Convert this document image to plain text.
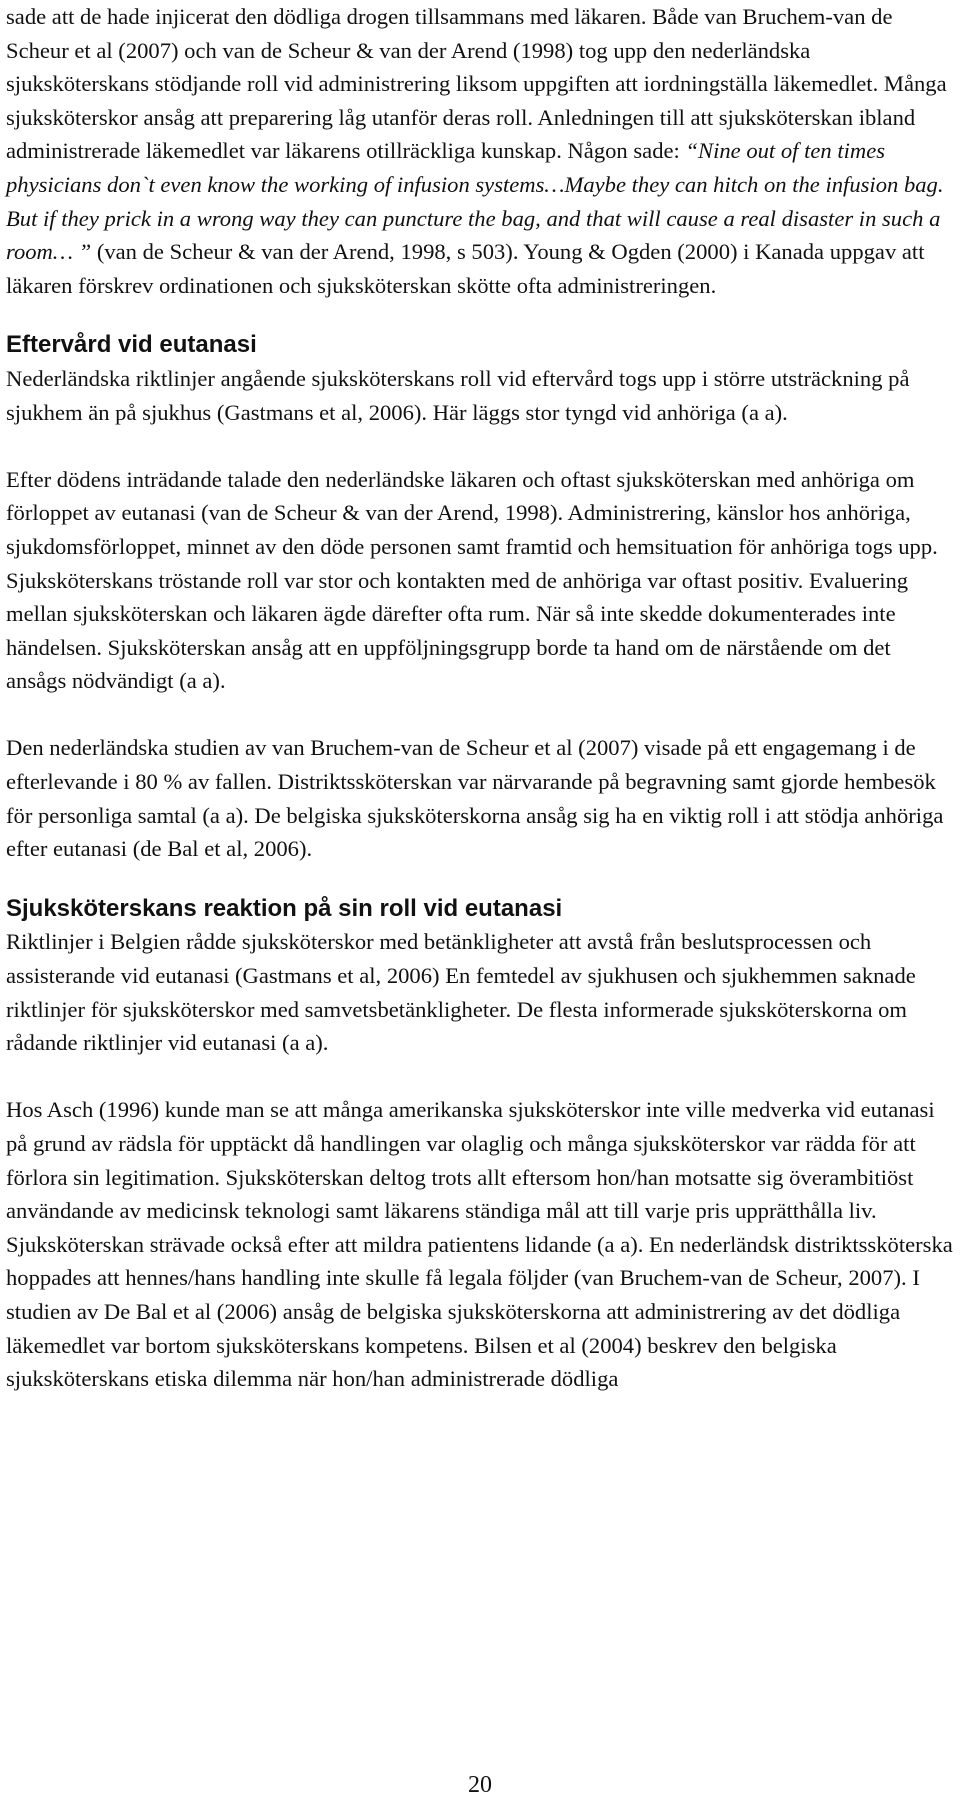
sade att de hade injicerat den dödliga drogen tillsammans med läkaren. Både van Bruchem-van de Scheur et al (2007) och van de Scheur & van der Arend (1998) tog upp den nederländska sjuksköterskans stödjande roll vid administrering liksom uppgiften att iordningställa läkemedlet. Många sjuksköterskor ansåg att preparering låg utanför deras roll. Anledningen till att sjuksköterskan ibland administrerade läkemedlet var läkarens otillräckliga kunskap. Någon sade: “Nine out of ten times physicians don`t even know the working of infusion systems…Maybe they can hitch on the infusion bag. But if they prick in a wrong way they can puncture the bag, and that will cause a real disaster in such a room… ” (van de Scheur & van der Arend, 1998, s 503). Young & Ogden (2000) i Kanada uppgav att läkaren förskrev ordinationen och sjuksköterskan skötte ofta administreringen.

Eftervård vid eutanasi

Nederländska riktlinjer angående sjuksköterskans roll vid eftervård togs upp i större utsträckning på sjukhem än på sjukhus (Gastmans et al, 2006). Här läggs stor tyngd vid anhöriga (a a).

Efter dödens inträdande talade den nederländske läkaren och oftast sjuksköterskan med anhöriga om förloppet av eutanasi (van de Scheur & van der Arend, 1998). Administrering, känslor hos anhöriga, sjukdomsförloppet, minnet av den döde personen samt framtid och hemsituation för anhöriga togs upp. Sjuksköterskans tröstande roll var stor och kontakten med de anhöriga var oftast positiv. Evaluering mellan sjuksköterskan och läkaren ägde därefter ofta rum. När så inte skedde dokumenterades inte händelsen. Sjuksköterskan ansåg att en uppföljningsgrupp borde ta hand om de närstående om det ansågs nödvändigt (a a).

Den nederländska studien av van Bruchem-van de Scheur et al (2007) visade på ett engagemang i de efterlevande i 80 % av fallen. Distriktssköterskan var närvarande på begravning samt gjorde hembesök för personliga samtal (a a). De belgiska sjuksköterskorna ansåg sig ha en viktig roll i att stödja anhöriga efter eutanasi (de Bal et al, 2006).

Sjuksköterskans reaktion på sin roll vid eutanasi

Riktlinjer i Belgien rådde sjuksköterskor med betänkligheter att avstå från beslutsprocessen och assisterande vid eutanasi (Gastmans et al, 2006) En femtedel av sjukhusen och sjukhemmen saknade riktlinjer för sjuksköterskor med samvetsbetänkligheter. De flesta informerade sjuksköterskorna om rådande riktlinjer vid eutanasi (a a).

Hos Asch (1996) kunde man se att många amerikanska sjuksköterskor inte ville medverka vid eutanasi på grund av rädsla för upptäckt då handlingen var olaglig och många sjuksköterskor var rädda för att förlora sin legitimation. Sjuksköterskan deltog trots allt eftersom hon/han motsatte sig överambitiöst användande av medicinsk teknologi samt läkarens ständiga mål att till varje pris upprätthålla liv. Sjuksköterskan strävade också efter att mildra patientens lidande (a a). En nederländsk distriktssköterska hoppades att hennes/hans handling inte skulle få legala följder (van Bruchem-van de Scheur, 2007). I studien av De Bal et al (2006) ansåg de belgiska sjuksköterskorna att administrering av det dödliga läkemedlet var bortom sjuksköterskans kompetens. Bilsen et al (2004) beskrev den belgiska sjuksköterskans etiska dilemma när hon/han administrerade dödliga

20
